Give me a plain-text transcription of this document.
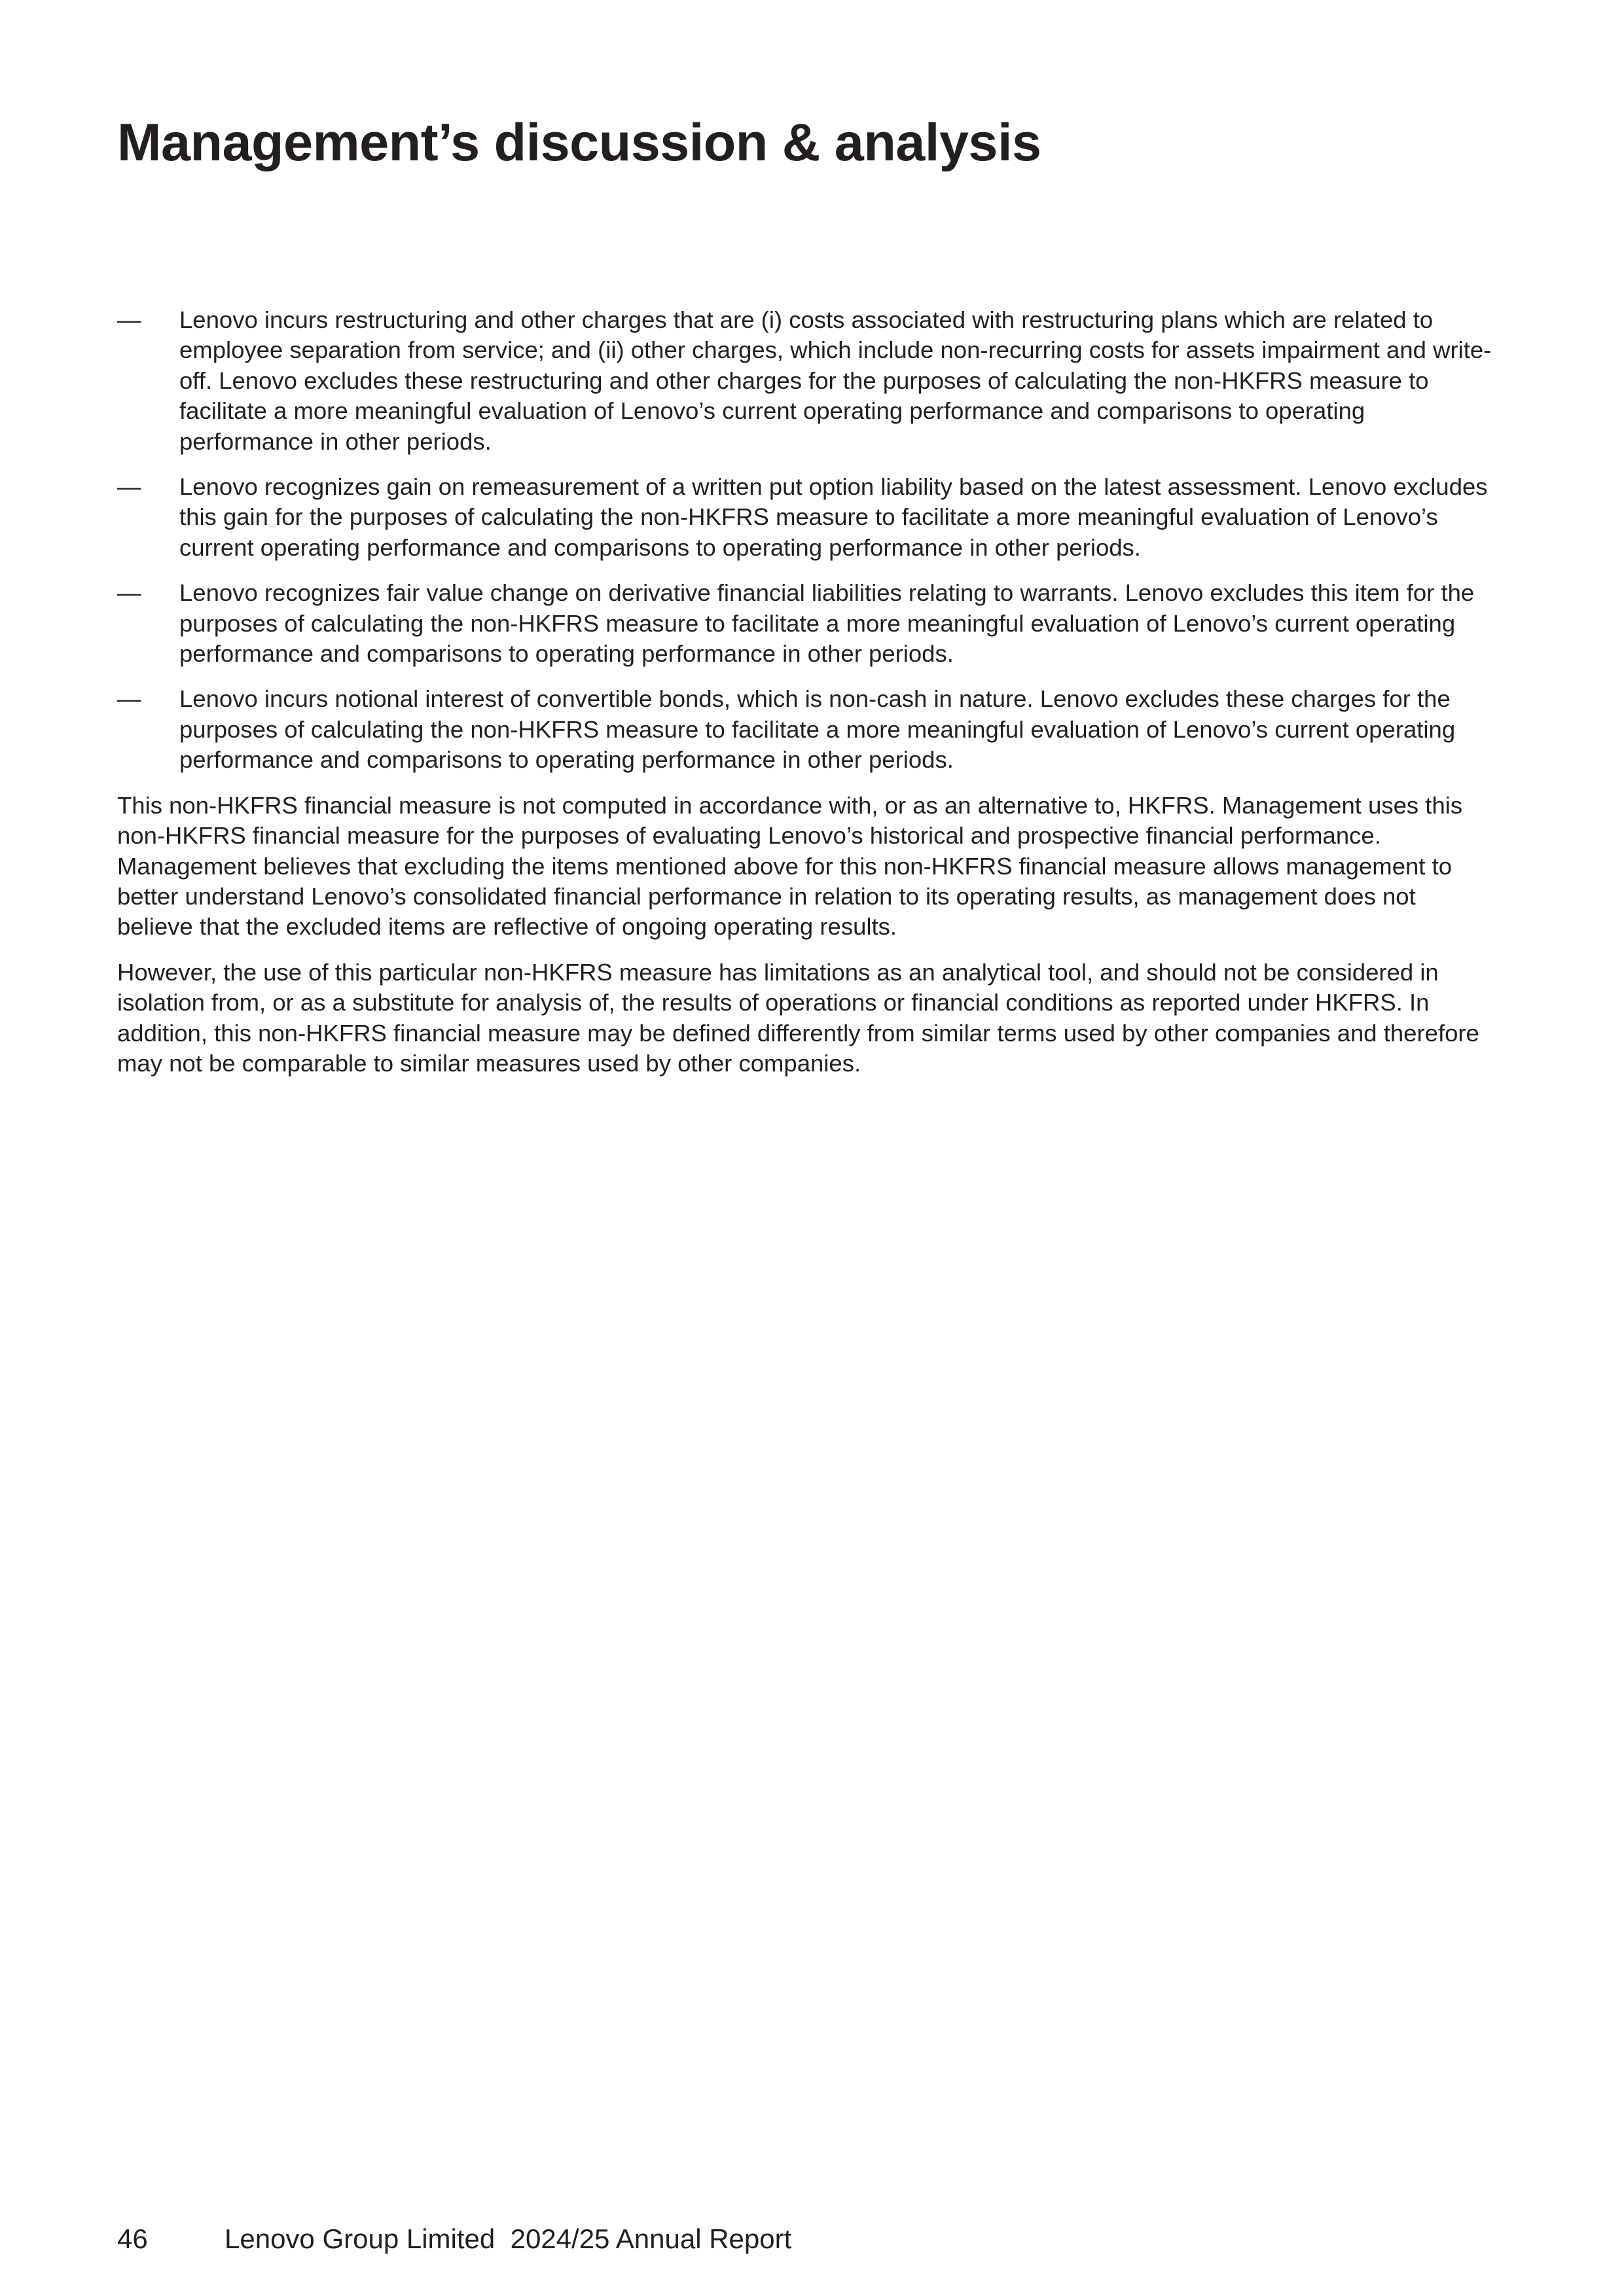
Management’s discussion & analysis
— Lenovo incurs restructuring and other charges that are (i) costs associated with restructuring plans which are related to employee separation from service; and (ii) other charges, which include non-recurring costs for assets impairment and write-off. Lenovo excludes these restructuring and other charges for the purposes of calculating the non-HKFRS measure to facilitate a more meaningful evaluation of Lenovo’s current operating performance and comparisons to operating performance in other periods.
— Lenovo recognizes gain on remeasurement of a written put option liability based on the latest assessment. Lenovo excludes this gain for the purposes of calculating the non-HKFRS measure to facilitate a more meaningful evaluation of Lenovo’s current operating performance and comparisons to operating performance in other periods.
— Lenovo recognizes fair value change on derivative financial liabilities relating to warrants. Lenovo excludes this item for the purposes of calculating the non-HKFRS measure to facilitate a more meaningful evaluation of Lenovo’s current operating performance and comparisons to operating performance in other periods.
— Lenovo incurs notional interest of convertible bonds, which is non-cash in nature. Lenovo excludes these charges for the purposes of calculating the non-HKFRS measure to facilitate a more meaningful evaluation of Lenovo’s current operating performance and comparisons to operating performance in other periods.

This non-HKFRS financial measure is not computed in accordance with, or as an alternative to, HKFRS. Management uses this non-HKFRS financial measure for the purposes of evaluating Lenovo’s historical and prospective financial performance. Management believes that excluding the items mentioned above for this non-HKFRS financial measure allows management to better understand Lenovo’s consolidated financial performance in relation to its operating results, as management does not believe that the excluded items are reflective of ongoing operating results.

However, the use of this particular non-HKFRS measure has limitations as an analytical tool, and should not be considered in isolation from, or as a substitute for analysis of, the results of operations or financial conditions as reported under HKFRS. In addition, this non-HKFRS financial measure may be defined differently from similar terms used by other companies and therefore may not be comparable to similar measures used by other companies.

46	Lenovo Group Limited  2024/25 Annual Report
